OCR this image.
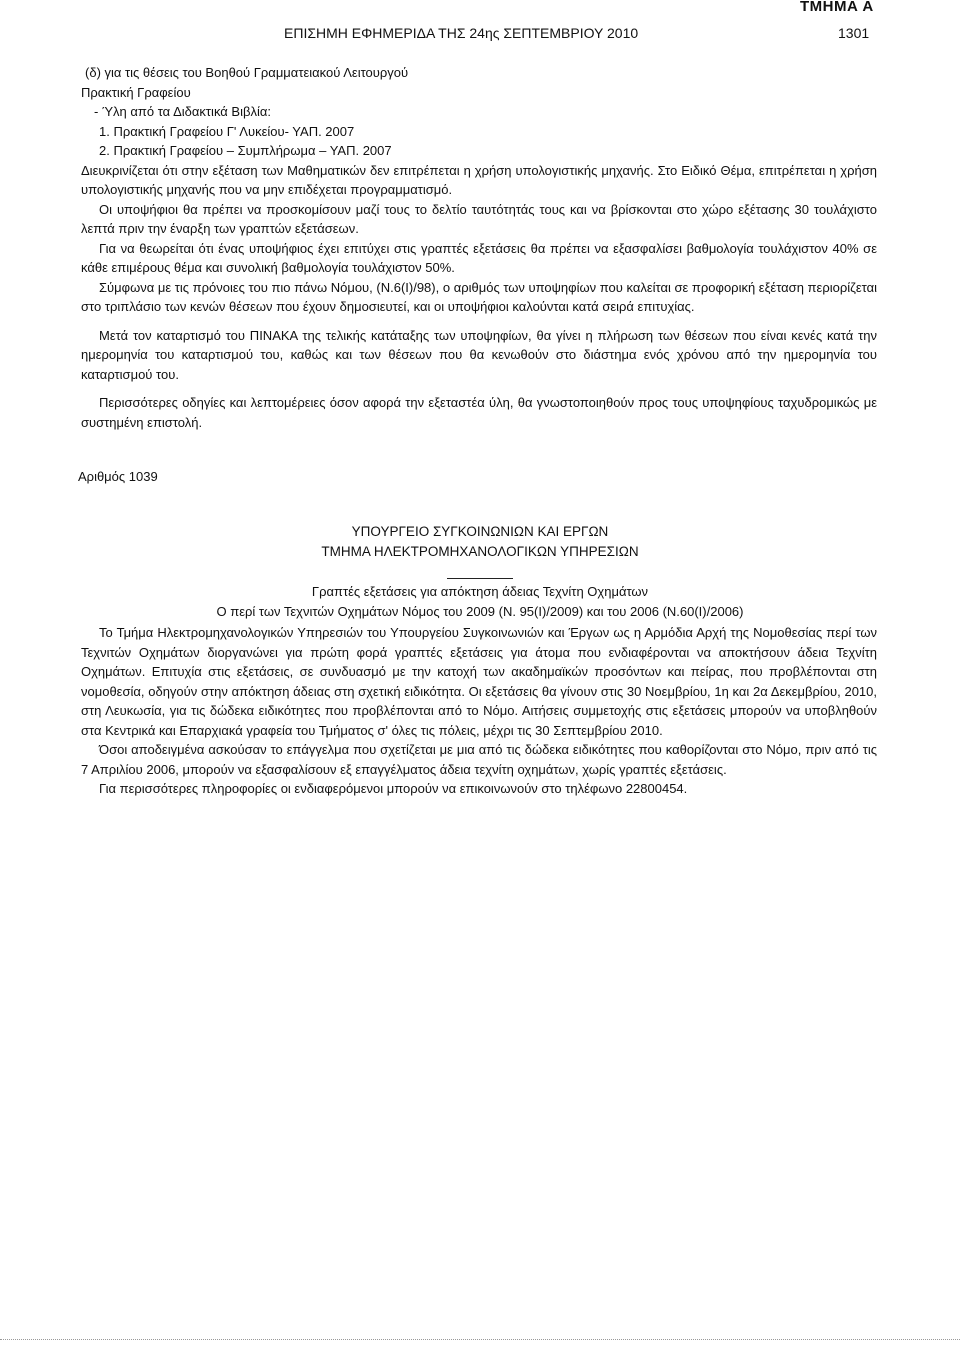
ΤΜΗΜΑ Α
ΕΠΙΣΗΜΗ ΕΦΗΜΕΡΙΔΑ ΤΗΣ 24ης ΣΕΠΤΕΜΒΡΙΟΥ 2010	1301

(δ) για τις θέσεις του Βοηθού Γραμματειακού Λειτουργού

Πρακτική Γραφείου

- Ύλη από τα Διδακτικά Βιβλία:

1. Πρακτική Γραφείου Γ' Λυκείου- ΥΑΠ. 2007

2. Πρακτική Γραφείου – Συμπλήρωμα – ΥΑΠ. 2007

Διευκρινίζεται ότι στην εξέταση των Μαθηματικών δεν επιτρέπεται η χρήση υπολογιστικής μηχανής. Στο Ειδικό Θέμα, επιτρέπεται η χρήση υπολογιστικής μηχανής που να μην επιδέχεται προγραμματισμό.

Οι υποψήφιοι θα πρέπει να προσκομίσουν μαζί τους το δελτίο ταυτότητάς τους και να βρίσκονται στο χώρο εξέτασης 30 τουλάχιστο λεπτά πριν την έναρξη των γραπτών εξετάσεων.

Για να θεωρείται ότι ένας υποψήφιος έχει επιτύχει στις γραπτές εξετάσεις θα πρέπει να εξασφαλίσει βαθμολογία τουλάχιστον 40% σε κάθε επιμέρους θέμα και συνολική βαθμολογία τουλάχιστον 50%.

Σύμφωνα με τις πρόνοιες του πιο πάνω Νόμου, (Ν.6(Ι)/98), ο αριθμός των υποψηφίων που καλείται σε προφορική εξέταση περιορίζεται στο τριπλάσιο των κενών θέσεων που έχουν δημοσιευτεί, και οι υποψήφιοι καλούνται κατά σειρά επιτυχίας.

Μετά τον καταρτισμό του ΠΙΝΑΚΑ της τελικής κατάταξης των υποψηφίων, θα γίνει η πλήρωση των θέσεων που είναι κενές κατά την ημερομηνία του καταρτισμού του, καθώς και των θέσεων που θα κενωθούν στο διάστημα ενός χρόνου από την ημερομηνία του καταρτισμού του.

Περισσότερες οδηγίες και λεπτομέρειες όσον αφορά την εξεταστέα ύλη, θα γνωστοποιηθούν προς τους υποψηφίους ταχυδρομικώς με συστημένη επιστολή.

Αριθμός 1039
ΥΠΟΥΡΓΕΙΟ ΣΥΓΚΟΙΝΩΝΙΩΝ ΚΑΙ ΕΡΓΩΝ
ΤΜΗΜΑ ΗΛΕΚΤΡΟΜΗΧΑΝΟΛΟΓΙΚΩΝ ΥΠΗΡΕΣΙΩΝ
Γραπτές εξετάσεις για απόκτηση άδειας Τεχνίτη Οχημάτων
Ο περί των Τεχνιτών Οχημάτων Νόμος του 2009 (Ν. 95(Ι)/2009) και του 2006 (Ν.60(Ι)/2006)

Το Τμήμα Ηλεκτρομηχανολογικών Υπηρεσιών του Υπουργείου Συγκοινωνιών και Έργων ως η Αρμόδια Αρχή της Νομοθεσίας περί των Τεχνιτών Οχημάτων διοργανώνει για πρώτη φορά γραπτές εξετάσεις για άτομα που ενδιαφέρονται να αποκτήσουν άδεια Τεχνίτη Οχημάτων. Επιτυχία στις εξετάσεις, σε συνδυασμό με την κατοχή των ακαδημαϊκών προσόντων και πείρας, που προβλέπονται στη νομοθεσία, οδηγούν στην απόκτηση άδειας στη σχετική ειδικότητα. Οι εξετάσεις θα γίνουν στις 30 Νοεμβρίου, 1η και 2α Δεκεμβρίου, 2010, στη Λευκωσία, για τις δώδεκα ειδικότητες που προβλέπονται από το Νόμο. Αιτήσεις συμμετοχής στις εξετάσεις μπορούν να υποβληθούν στα Κεντρικά και Επαρχιακά γραφεία του Τμήματος σ' όλες τις πόλεις, μέχρι τις 30 Σεπτεμβρίου 2010.

Όσοι αποδειγμένα ασκούσαν το επάγγελμα που σχετίζεται με μια από τις δώδεκα ειδικότητες που καθορίζονται στο Νόμο, πριν από τις 7 Απριλίου 2006, μπορούν να εξασφαλίσουν εξ επαγγέλματος άδεια τεχνίτη οχημάτων, χωρίς γραπτές εξετάσεις.

Για περισσότερες πληροφορίες οι ενδιαφερόμενοι μπορούν να επικοινωνούν στο τηλέφωνο 22800454.
